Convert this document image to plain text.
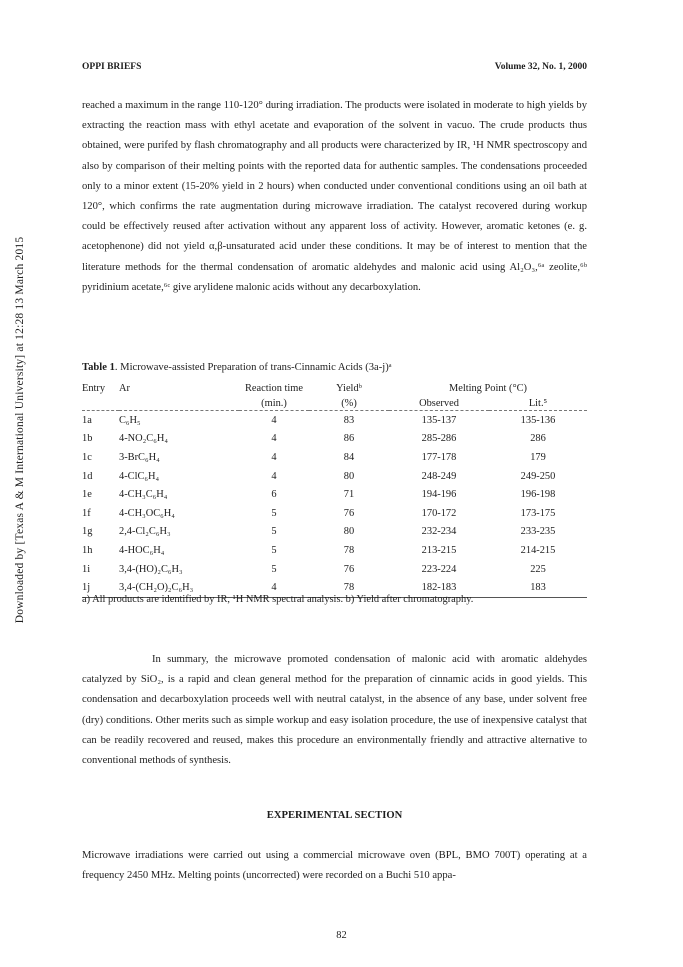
Downloaded by [Texas A & M International University] at 12:28 13 March 2015
OPPI BRIEFS	Volume 32, No. 1, 2000

reached a maximum in the range 110-120° during irradiation. The products were isolated in moderate to high yields by extracting the reaction mass with ethyl acetate and evaporation of the solvent in vacuo. The crude products thus obtained, were purifed by flash chromatography and all products were characterized by IR, ¹H NMR spectroscopy and also by comparison of their melting points with the reported data for authentic samples. The condensations proceeded only to a minor extent (15-20% yield in 2 hours) when conducted under conventional conditions using an oil bath at 120°, which confirms the rate augmentation during microwave irradiation. The catalyst recovered during workup could be effectively reused after activation without any apparent loss of activity. However, aromatic ketones (e. g. acetophenone) did not yield α,β-unsaturated acid under these conditions. It may be of interest to mention that the literature methods for the thermal condensation of aromatic aldehydes and malonic acid using Al₂O₃,⁶ᵃ zeolite,⁶ᵇ pyridinium acetate,⁶ᶜ give arylidene malonic acids without any decarboxylation.

Table 1. Microwave-assisted Preparation of trans-Cinnamic Acids (3a-j)ᵃ
Entry	Ar	Reaction time	Yieldᵇ	Melting Point (°C)	
		(min.)	(%)	Observed	Lit.⁵
1a	C₆H₅	4	83	135-137	135-136
1b	4-NO₂C₆H₄	4	86	285-286	286
1c	3-BrC₆H₄	4	84	177-178	179
1d	4-ClC₆H₄	4	80	248-249	249-250
1e	4-CH₃C₆H₄	6	71	194-196	196-198
1f	4-CH₃OC₆H₄	5	76	170-172	173-175
1g	2,4-Cl₂C₆H₃	5	80	232-234	233-235
1h	4-HOC₆H₄	5	78	213-215	214-215
1i	3,4-(HO)₂C₆H₃	5	76	223-224	225
1j	3,4-(CH₂O)₂C₆H₃	4	78	182-183	183
a) All products are identified by IR, ¹H NMR spectral analysis. b) Yield after chromatography.

In summary, the microwave promoted condensation of malonic acid with aromatic aldehydes catalyzed by SiO₂, is a rapid and clean general method for the preparation of cinnamic acids in good yields. This condensation and decarboxylation proceeds well with neutral catalyst, in the absence of any base, under solvent free (dry) conditions. Other merits such as simple workup and easy isolation procedure, the use of inexpensive catalyst that can be readily recovered and reused, makes this procedure an environmentally friendly and attractive alternative to conventional methods of synthesis.

EXPERIMENTAL SECTION

Microwave irradiations were carried out using a commercial microwave oven (BPL, BMO 700T) operating at a frequency 2450 MHz. Melting points (uncorrected) were recorded on a Buchi 510 appa-

82
